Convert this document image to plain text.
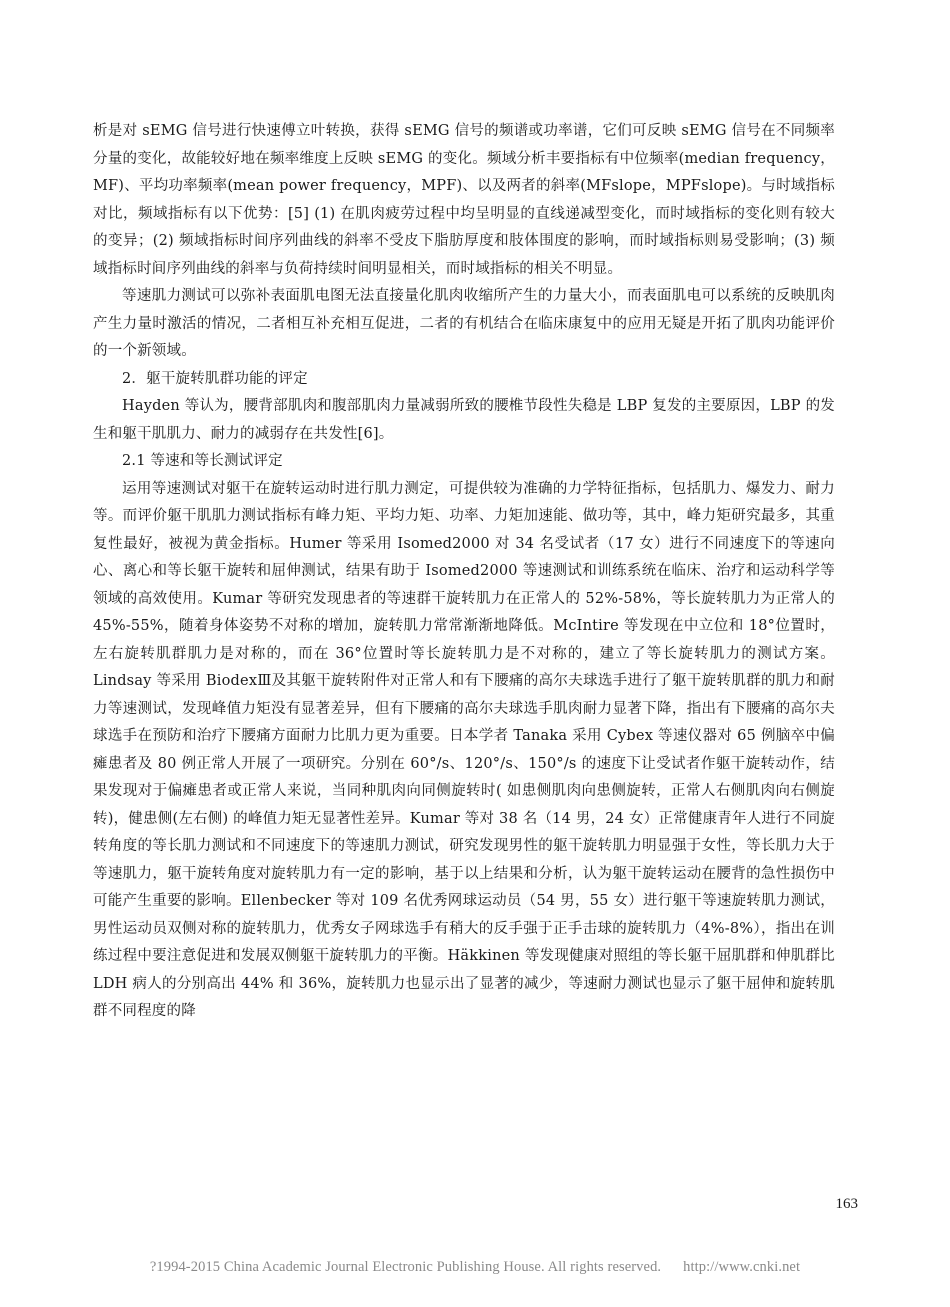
析是对 sEMG 信号进行快速傅立叶转换，获得 sEMG 信号的频谱或功率谱，它们可反映 sEMG 信号在不同频率分量的变化，故能较好地在频率维度上反映 sEMG 的变化。频域分析丰要指标有中位频率(median frequency，MF)、平均功率频率(mean power frequency，MPF)、以及两者的斜率(MFslope，MPFslope)。与时域指标对比，频域指标有以下优势：[5] (1) 在肌肉疲劳过程中均呈明显的直线递减型变化，而时域指标的变化则有较大的变异；(2) 频域指标时间序列曲线的斜率不受皮下脂肪厚度和肢体围度的影响，而时域指标则易受影响；(3) 频域指标时间序列曲线的斜率与负荷持续时间明显相关，而时域指标的相关不明显。

等速肌力测试可以弥补表面肌电图无法直接量化肌肉收缩所产生的力量大小，而表面肌电可以系统的反映肌肉产生力量时激活的情况，二者相互补充相互促进，二者的有机结合在临床康复中的应用无疑是开拓了肌肉功能评价的一个新领域。

2．躯干旋转肌群功能的评定

Hayden 等认为，腰背部肌肉和腹部肌肉力量减弱所致的腰椎节段性失稳是 LBP 复发的主要原因，LBP 的发生和躯干肌肌力、耐力的减弱存在共发性[6]。

2.1 等速和等长测试评定

运用等速测试对躯干在旋转运动时进行肌力测定，可提供较为准确的力学特征指标，包括肌力、爆发力、耐力等。而评价躯干肌肌力测试指标有峰力矩、平均力矩、功率、力矩加速能、做功等，其中，峰力矩研究最多，其重复性最好，被视为黄金指标。Humer 等采用 Isomed2000 对 34 名受试者（17 女）进行不同速度下的等速向心、离心和等长躯干旋转和屈伸测试，结果有助于 Isomed2000 等速测试和训练系统在临床、治疗和运动科学等领域的高效使用。Kumar 等研究发现患者的等速群干旋转肌力在正常人的 52%-58%，等长旋转肌力为正常人的 45%-55%，随着身体姿势不对称的增加，旋转肌力常常渐渐地降低。McIntire 等发现在中立位和 18°位置时，左右旋转肌群肌力是对称的，而在 36°位置时等长旋转肌力是不对称的，建立了等长旋转肌力的测试方案。Lindsay 等采用 BiodexⅢ及其躯干旋转附件对正常人和有下腰痛的高尔夫球选手进行了躯干旋转肌群的肌力和耐力等速测试，发现峰值力矩没有显著差异，但有下腰痛的高尔夫球选手肌肉耐力显著下降，指出有下腰痛的高尔夫球选手在预防和治疗下腰痛方面耐力比肌力更为重要。日本学者 Tanaka 采用 Cybex 等速仪器对 65 例脑卒中偏瘫患者及 80 例正常人开展了一项研究。分别在 60°/s、120°/s、150°/s 的速度下让受试者作躯干旋转动作，结果发现对于偏瘫患者或正常人来说，当同种肌肉向同侧旋转时( 如患侧肌肉向患侧旋转，正常人右侧肌肉向右侧旋转)，健患侧(左右侧) 的峰值力矩无显著性差异。Kumar 等对 38 名（14 男，24 女）正常健康青年人进行不同旋转角度的等长肌力测试和不同速度下的等速肌力测试，研究发现男性的躯干旋转肌力明显强于女性，等长肌力大于等速肌力，躯干旋转角度对旋转肌力有一定的影响，基于以上结果和分析，认为躯干旋转运动在腰背的急性损伤中可能产生重要的影响。Ellenbecker 等对 109 名优秀网球运动员（54 男，55 女）进行躯干等速旋转肌力测试，男性运动员双侧对称的旋转肌力，优秀女子网球选手有稍大的反手强于正手击球的旋转肌力（4%-8%），指出在训练过程中要注意促进和发展双侧躯干旋转肌力的平衡。Häkkinen 等发现健康对照组的等长躯干屈肌群和伸肌群比 LDH 病人的分别高出 44% 和 36%，旋转肌力也显示出了显著的减少，等速耐力测试也显示了躯干屈伸和旋转肌群不同程度的降

163
?1994-2015 China Academic Journal Electronic Publishing House. All rights reserved. http://www.cnki.net
